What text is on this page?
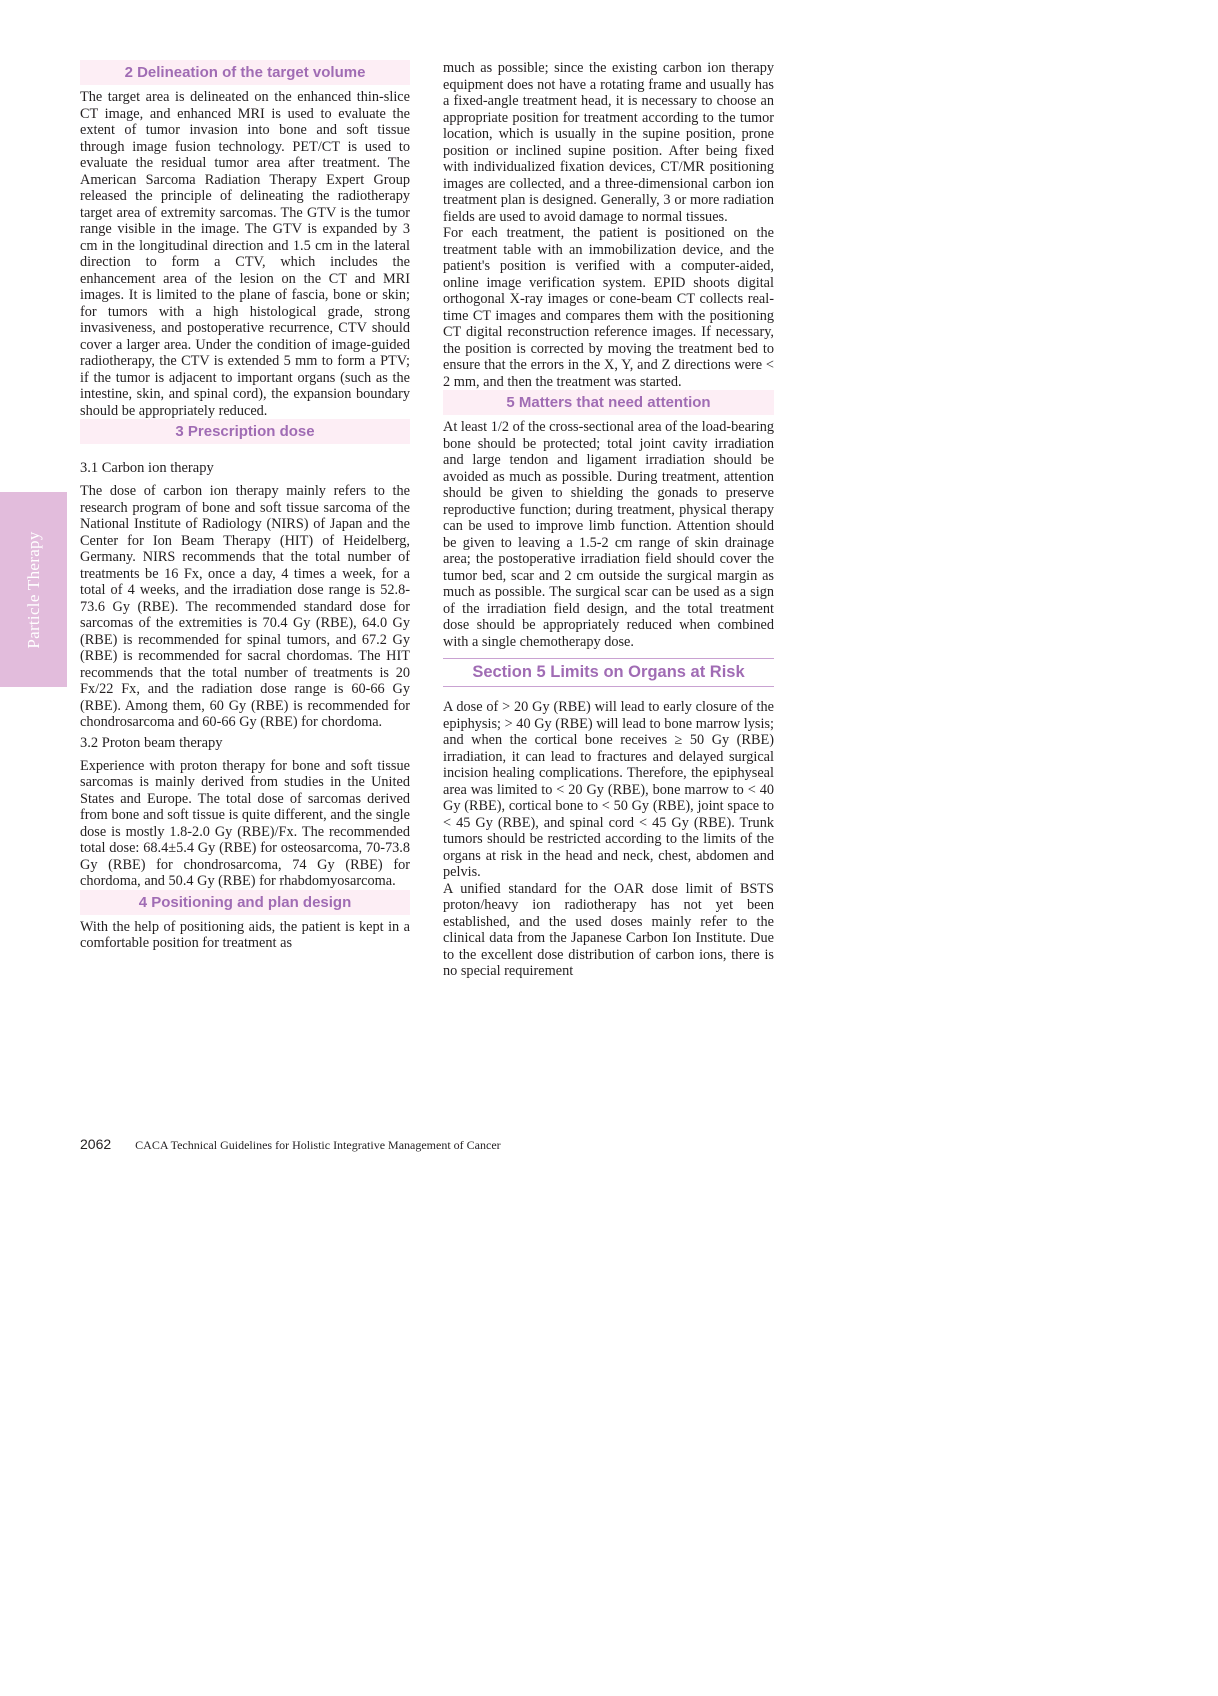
Particle Therapy
2 Delineation of the target volume

The target area is delineated on the enhanced thin-slice CT image, and enhanced MRI is used to evaluate the extent of tumor invasion into bone and soft tissue through image fusion technology. PET/CT is used to evaluate the residual tumor area after treatment. The American Sarcoma Radiation Therapy Expert Group released the principle of delineating the radiotherapy target area of extremity sarcomas. The GTV is the tumor range visible in the image. The GTV is expanded by 3 cm in the longitudinal direction and 1.5 cm in the lateral direction to form a CTV, which includes the enhancement area of the lesion on the CT and MRI images. It is limited to the plane of fascia, bone or skin; for tumors with a high histological grade, strong invasiveness, and postoperative recurrence, CTV should cover a larger area. Under the condition of image-guided radiotherapy, the CTV is extended 5 mm to form a PTV; if the tumor is adjacent to important organs (such as the intestine, skin, and spinal cord), the expansion boundary should be appropriately reduced.

3 Prescription dose
3.1 Carbon ion therapy

The dose of carbon ion therapy mainly refers to the research program of bone and soft tissue sarcoma of the National Institute of Radiology (NIRS) of Japan and the Center for Ion Beam Therapy (HIT) of Heidelberg, Germany. NIRS recommends that the total number of treatments be 16 Fx, once a day, 4 times a week, for a total of 4 weeks, and the irradiation dose range is 52.8-73.6 Gy (RBE). The recommended standard dose for sarcomas of the extremities is 70.4 Gy (RBE), 64.0 Gy (RBE) is recommended for spinal tumors, and 67.2 Gy (RBE) is recommended for sacral chordomas. The HIT recommends that the total number of treatments is 20 Fx/22 Fx, and the radiation dose range is 60-66 Gy (RBE). Among them, 60 Gy (RBE) is recommended for chondrosarcoma and 60-66 Gy (RBE) for chordoma.

3.2 Proton beam therapy

Experience with proton therapy for bone and soft tissue sarcomas is mainly derived from studies in the United States and Europe. The total dose of sarcomas derived from bone and soft tissue is quite different, and the single dose is mostly 1.8-2.0 Gy (RBE)/Fx. The recommended total dose: 68.4±5.4 Gy (RBE) for osteosarcoma, 70-73.8 Gy (RBE) for chondrosarcoma, 74 Gy (RBE) for chordoma, and 50.4 Gy (RBE) for rhabdomyosarcoma.

4 Positioning and plan design

With the help of positioning aids, the patient is kept in a comfortable position for treatment as

much as possible; since the existing carbon ion therapy equipment does not have a rotating frame and usually has a fixed-angle treatment head, it is necessary to choose an appropriate position for treatment according to the tumor location, which is usually in the supine position, prone position or inclined supine position. After being fixed with individualized fixation devices, CT/MR positioning images are collected, and a three-dimensional carbon ion treatment plan is designed. Generally, 3 or more radiation fields are used to avoid damage to normal tissues.

For each treatment, the patient is positioned on the treatment table with an immobilization device, and the patient's position is verified with a computer-aided, online image verification system. EPID shoots digital orthogonal X-ray images or cone-beam CT collects real-time CT images and compares them with the positioning CT digital reconstruction reference images. If necessary, the position is corrected by moving the treatment bed to ensure that the errors in the X, Y, and Z directions were < 2 mm, and then the treatment was started.

5 Matters that need attention

At least 1/2 of the cross-sectional area of the load-bearing bone should be protected; total joint cavity irradiation and large tendon and ligament irradiation should be avoided as much as possible. During treatment, attention should be given to shielding the gonads to preserve reproductive function; during treatment, physical therapy can be used to improve limb function. Attention should be given to leaving a 1.5-2 cm range of skin drainage area; the postoperative irradiation field should cover the tumor bed, scar and 2 cm outside the surgical margin as much as possible. The surgical scar can be used as a sign of the irradiation field design, and the total treatment dose should be appropriately reduced when combined with a single chemotherapy dose.

Section 5 Limits on Organs at Risk

A dose of > 20 Gy (RBE) will lead to early closure of the epiphysis; > 40 Gy (RBE) will lead to bone marrow lysis; and when the cortical bone receives ≥ 50 Gy (RBE) irradiation, it can lead to fractures and delayed surgical incision healing complications. Therefore, the epiphyseal area was limited to < 20 Gy (RBE), bone marrow to < 40 Gy (RBE), cortical bone to < 50 Gy (RBE), joint space to < 45 Gy (RBE), and spinal cord < 45 Gy (RBE). Trunk tumors should be restricted according to the limits of the organs at risk in the head and neck, chest, abdomen and pelvis.

A unified standard for the OAR dose limit of BSTS proton/heavy ion radiotherapy has not yet been established, and the used doses mainly refer to the clinical data from the Japanese Carbon Ion Institute. Due to the excellent dose distribution of carbon ions, there is no special requirement

2062 CACA Technical Guidelines for Holistic Integrative Management of Cancer
